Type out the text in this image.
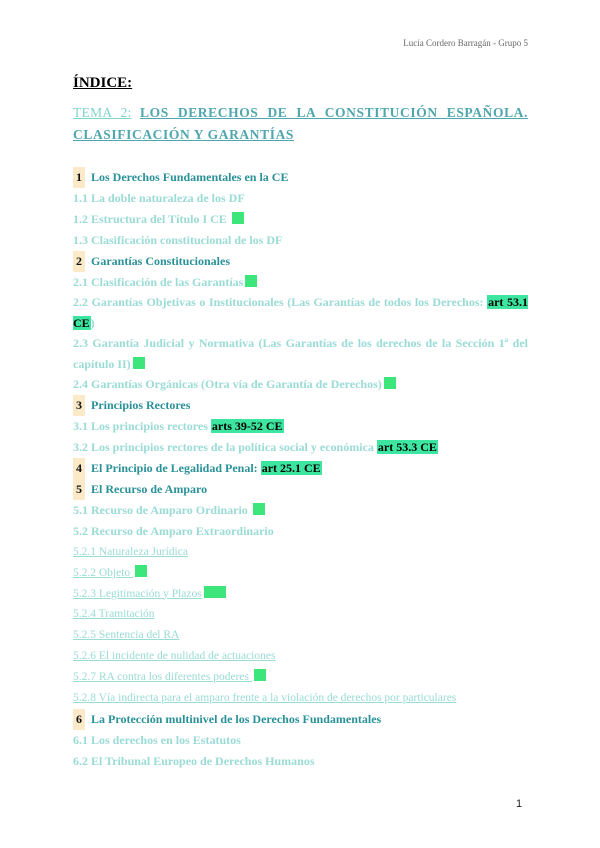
Lucía Cordero Barragán - Grupo 5
ÍNDICE:
TEMA 2: LOS DERECHOS DE LA CONSTITUCIÓN ESPAÑOLA. CLASIFICACIÓN Y GARANTÍAS

1 Los Derechos Fundamentales en la CE

1.1 La doble naturaleza de los DF

1.2 Estructura del Título I CE

1.3 Clasificación constitucional de los DF

2 Garantías Constitucionales

2.1 Clasificación de las Garantías

2.2 Garantías Objetivas o Institucionales (Las Garantías de todos los Derechos: art 53.1 CE)

2.3 Garantía Judicial y Normativa (Las Garantías de los derechos de la Sección 1ª del capítulo II)

2.4 Garantías Orgánicas (Otra vía de Garantía de Derechos)

3 Principios Rectores

3.1 Los principios rectores arts 39-52 CE

3.2 Los principios rectores de la política social y económica art 53.3 CE

4 El Principio de Legalidad Penal: art 25.1 CE

5 El Recurso de Amparo

5.1 Recurso de Amparo Ordinario

5.2 Recurso de Amparo Extraordinario

5.2.1 Naturaleza Jurídica

5.2.2 Objeto

5.2.3 Legitimación y Plazos

5.2.4 Tramitación

5.2.5 Sentencia del RA

5.2.6 El incidente de nulidad de actuaciones

5.2.7 RA contra los diferentes poderes

5.2.8 Vía indirecta para el amparo frente a la violación de derechos por particulares

6 La Protección multinivel de los Derechos Fundamentales

6.1 Los derechos en los Estatutos

6.2 El Tribunal Europeo de Derechos Humanos

1
